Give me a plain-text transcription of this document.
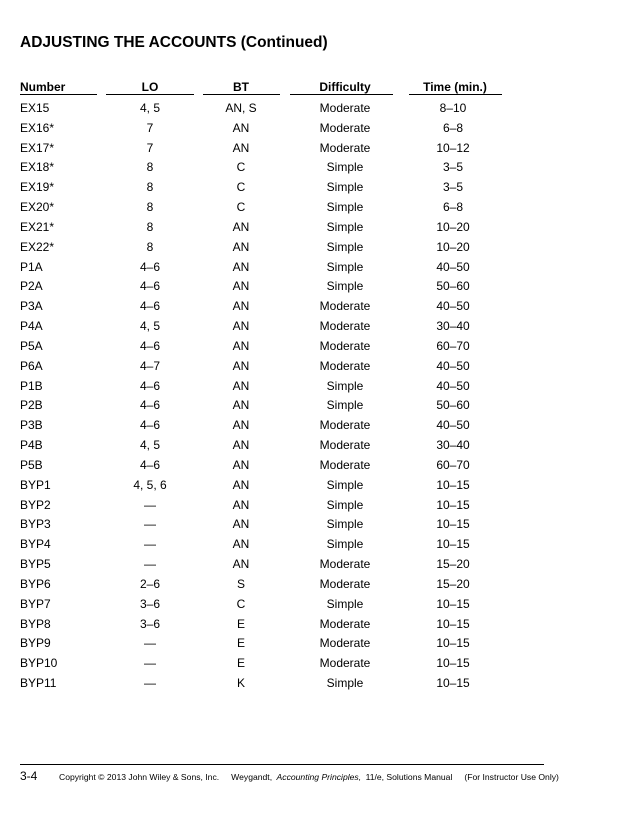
ADJUSTING THE ACCOUNTS (Continued)
Number	LO	BT	Difficulty	Time (min.)
EX15	4, 5	AN, S	Moderate	8–10
EX16*	7	AN	Moderate	6–8
EX17*	7	AN	Moderate	10–12
EX18*	8	C	Simple	3–5
EX19*	8	C	Simple	3–5
EX20*	8	C	Simple	6–8
EX21*	8	AN	Simple	10–20
EX22*	8	AN	Simple	10–20
P1A	4–6	AN	Simple	40–50
P2A	4–6	AN	Simple	50–60
P3A	4–6	AN	Moderate	40–50
P4A	4, 5	AN	Moderate	30–40
P5A	4–6	AN	Moderate	60–70
P6A	4–7	AN	Moderate	40–50
P1B	4–6	AN	Simple	40–50
P2B	4–6	AN	Simple	50–60
P3B	4–6	AN	Moderate	40–50
P4B	4, 5	AN	Moderate	30–40
P5B	4–6	AN	Moderate	60–70
BYP1	4, 5, 6	AN	Simple	10–15
BYP2	—	AN	Simple	10–15
BYP3	—	AN	Simple	10–15
BYP4	—	AN	Simple	10–15
BYP5	—	AN	Moderate	15–20
BYP6	2–6	S	Moderate	15–20
BYP7	3–6	C	Simple	10–15
BYP8	3–6	E	Moderate	10–15
BYP9	—	E	Moderate	10–15
BYP10	—	E	Moderate	10–15
BYP11	—	K	Simple	10–15
3-4	Copyright © 2013 John Wiley & Sons, Inc. Weygandt, Accounting Principles, 11/e, Solutions Manual (For Instructor Use Only)
